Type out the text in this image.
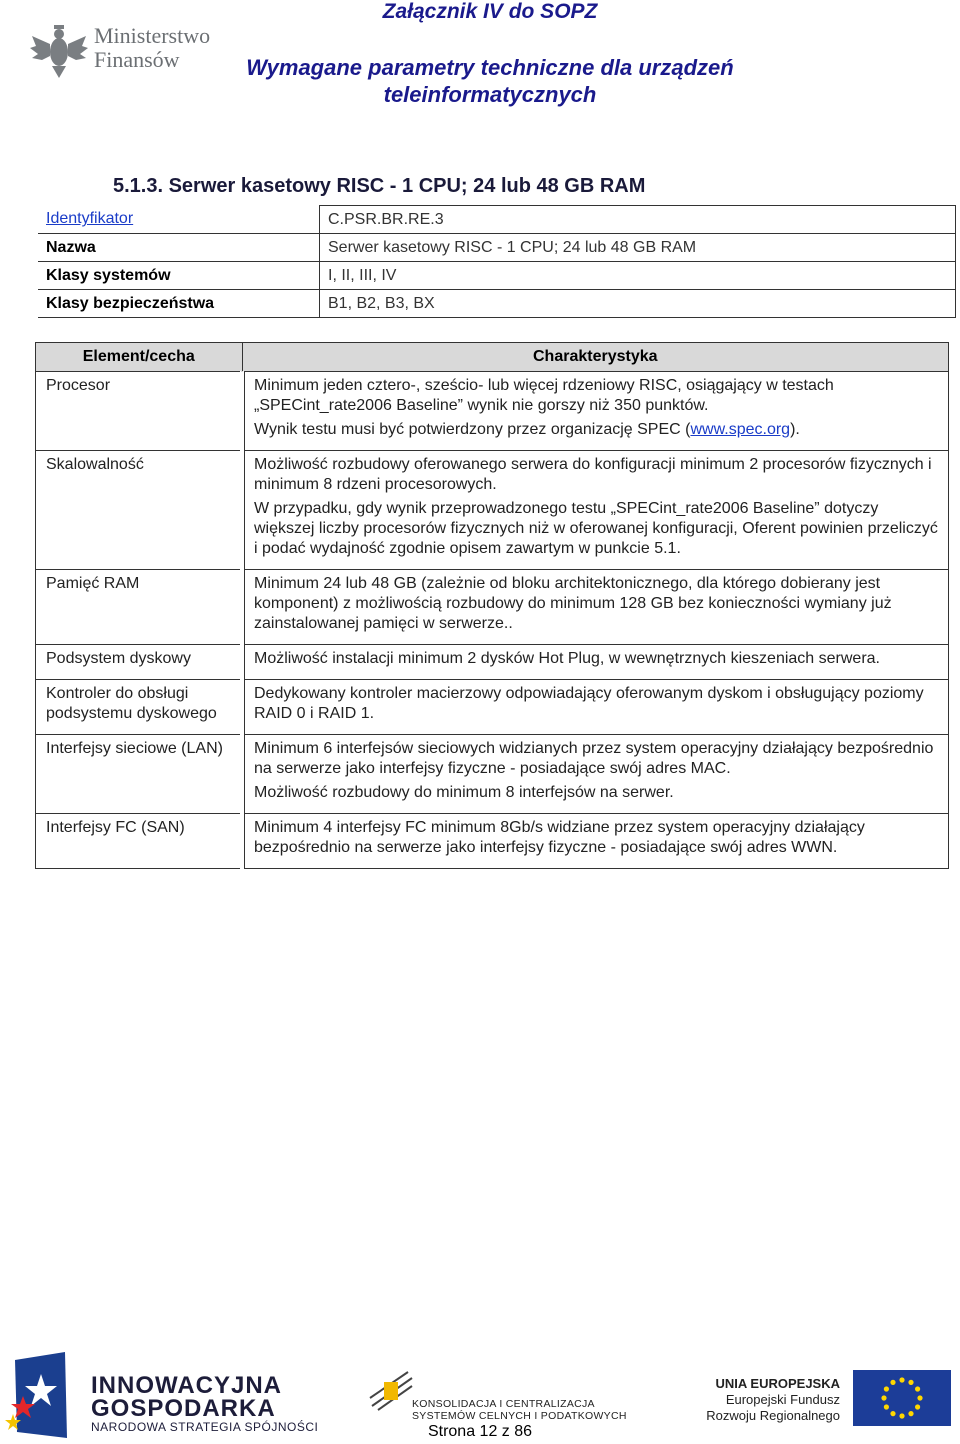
Ministerstwo
Finansów
Załącznik IV do SOPZ
Wymagane parametry techniczne dla urządzeń
teleinformatycznych
5.1.3. Serwer kasetowy RISC - 1 CPU; 24 lub 48 GB RAM
Identyfikator	C.PSR.BR.RE.3
Nazwa	Serwer kasetowy RISC - 1 CPU; 24 lub 48 GB RAM
Klasy systemów	I, II, III, IV
Klasy bezpieczeństwa	B1, B2, B3, BX
Element/cecha	Charakterystyka
Procesor	Minimum jeden cztero-, sześcio- lub więcej rdzeniowy RISC, osiągający w testach „SPECint_rate2006 Baseline” wynik nie gorszy niż 350 punktów.

Wynik testu musi być potwierdzony przez organizację SPEC (www.spec.org).

Skalowalność	Możliwość rozbudowy oferowanego serwera do konfiguracji minimum 2 procesorów fizycznych i minimum 8 rdzeni procesorowych.

W przypadku, gdy wynik przeprowadzonego testu „SPECint_rate2006 Baseline” dotyczy większej liczby procesorów fizycznych niż w oferowanej konfiguracji, Oferent powinien przeliczyć i podać wydajność zgodnie opisem zawartym w punkcie 5.1.

Pamięć RAM	Minimum 24 lub 48 GB (zależnie od bloku architektonicznego, dla którego dobierany jest komponent) z możliwością rozbudowy do minimum 128 GB bez konieczności wymiany już zainstalowanej pamięci w serwerze..

Podsystem dyskowy	Możliwość instalacji minimum 2 dysków Hot Plug, w wewnętrznych kieszeniach serwera.

Kontroler do obsługi podsystemu dyskowego	Dedykowany kontroler macierzowy odpowiadający oferowanym dyskom i obsługujący poziomy RAID 0 i RAID 1.

Interfejsy sieciowe (LAN)	Minimum 6 interfejsów sieciowych widzianych przez system operacyjny działający bezpośrednio na serwerze jako interfejsy fizyczne - posiadające swój adres MAC.

Możliwość rozbudowy do minimum 8 interfejsów na serwer.

Interfejsy FC (SAN)	Minimum 4 interfejsy FC minimum 8Gb/s widziane przez system operacyjny działający bezpośrednio na serwerze jako interfejsy fizyczne - posiadające swój adres WWN.

INNOWACYJNA
GOSPODARKA
NARODOWA STRATEGIA SPÓJNOŚCI
KONSOLIDACJA I CENTRALIZACJA
SYSTEMÓW CELNYCH I PODATKOWYCH
UNIA EUROPEJSKA
Europejski Fundusz
Rozwoju Regionalnego
Strona 12 z 86
